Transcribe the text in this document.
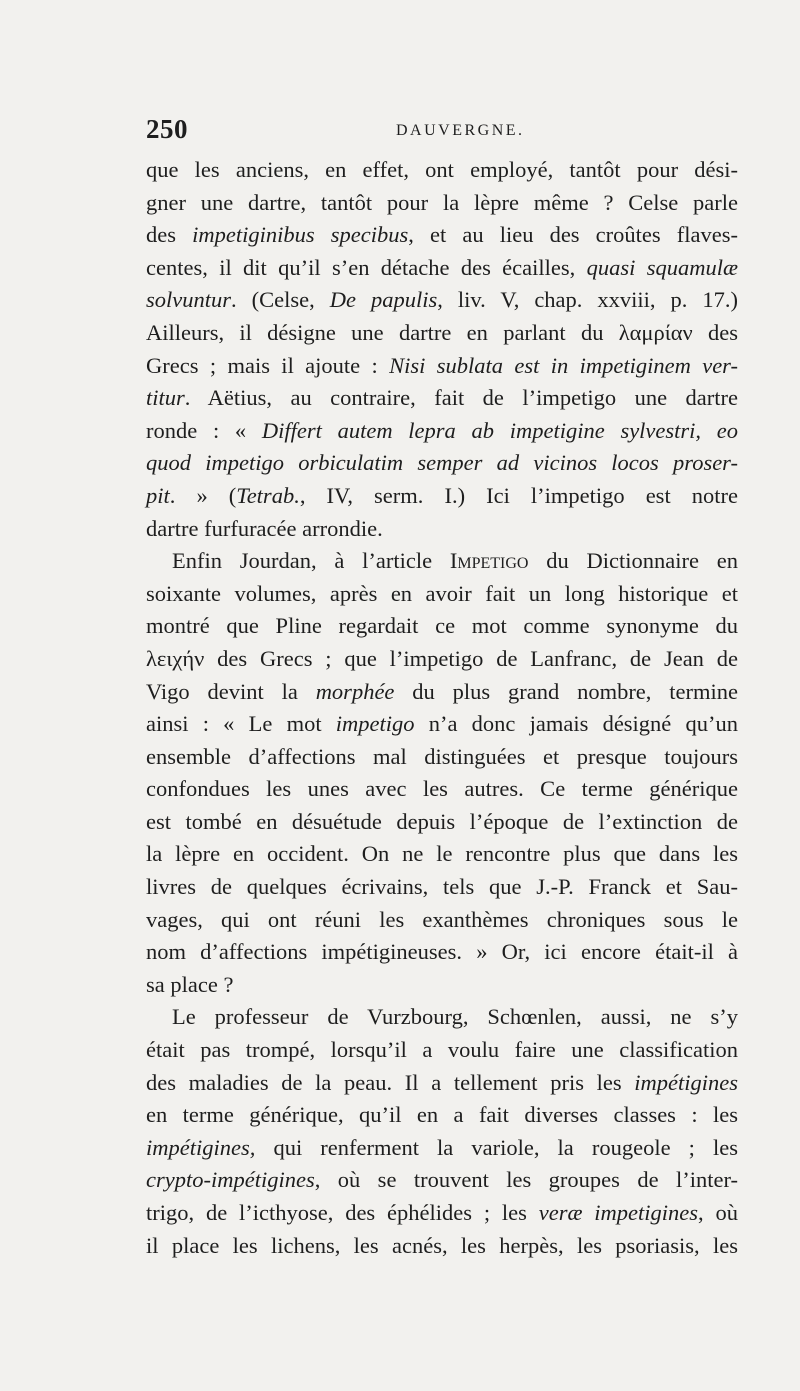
250	DAUVERGNE.
que les anciens, en effet, ont employé, tantôt pour dési-
gner une dartre, tantôt pour la lèpre même ? Celse parle
des impetiginibus specibus, et au lieu des croûtes flaves-
centes, il dit qu’il s’en détache des écailles, quasi squamulæ
solvuntur. (Celse, De papulis, liv. V, chap. xxviii, p. 17.)
Ailleurs, il désigne une dartre en parlant du λαμρίαν des
Grecs ; mais il ajoute : Nisi sublata est in impetiginem ver-
titur. Aëtius, au contraire, fait de l’impetigo une dartre
ronde : « Differt autem lepra ab impetigine sylvestri, eo
quod impetigo orbiculatim semper ad vicinos locos proser-
pit. » (Tetrab., IV, serm. I.) Ici l’impetigo est notre
dartre furfuracée arrondie.
Enfin Jourdan, à l’article Impetigo du Dictionnaire en
soixante volumes, après en avoir fait un long historique et
montré que Pline regardait ce mot comme synonyme du
λειχήν des Grecs ; que l’impetigo de Lanfranc, de Jean de
Vigo devint la morphée du plus grand nombre, termine
ainsi : « Le mot impetigo n’a donc jamais désigné qu’un
ensemble d’affections mal distinguées et presque toujours
confondues les unes avec les autres. Ce terme générique
est tombé en désuétude depuis l’époque de l’extinction de
la lèpre en occident. On ne le rencontre plus que dans les
livres de quelques écrivains, tels que J.-P. Franck et Sau-
vages, qui ont réuni les exanthèmes chroniques sous le
nom d’affections impétigineuses. » Or, ici encore était-il à
sa place ?
Le professeur de Vurzbourg, Schœnlen, aussi, ne s’y
était pas trompé, lorsqu’il a voulu faire une classification
des maladies de la peau. Il a tellement pris les impétigines
en terme générique, qu’il en a fait diverses classes : les
impétigines, qui renferment la variole, la rougeole ; les
crypto-impétigines, où se trouvent les groupes de l’inter-
trigo, de l’icthyose, des éphélides ; les veræ impetigines, où
il place les lichens, les acnés, les herpès, les psoriasis, les
